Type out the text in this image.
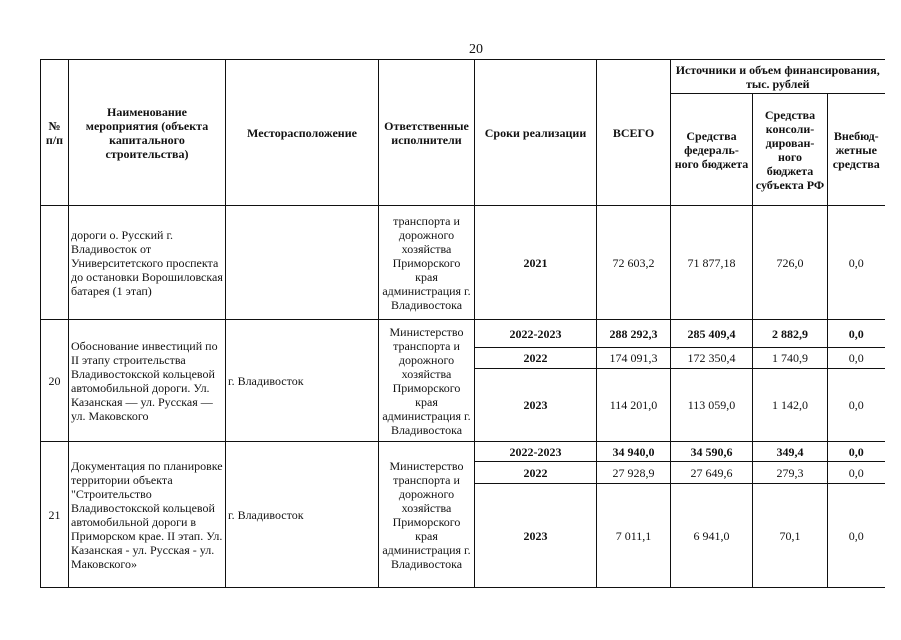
20
№ п/п	Наименование мероприятия (объекта капитального строительства)	Месторасположение	Ответственные исполнители	Сроки реализации	ВСЕГО	Источники и объем финансирования, тыс. рублей		
						Средства федераль-ного бюджета	Средства консоли-дирован-ного бюджета субъекта РФ	Внебюд-жетные средства
	дороги о. Русский г. Владивосток от Университетского проспекта до остановки Ворошиловская батарея (1 этап)		транспорта и дорожного хозяйства Приморского края администрация г. Владивостока	2021	72 603,2	71 877,18	726,0	0,0
20	Обоснование инвестиций по II этапу строительства Владивостокской кольцевой автомобильной дороги. Ул. Казанская — ул. Русская — ул. Маковского	г. Владивосток	Министерство транспорта и дорожного хозяйства Приморского края администрация г. Владивостока	2022-2023	288 292,3	285 409,4	2 882,9	0,0
				2022	174 091,3	172 350,4	1 740,9	0,0
				2023	114 201,0	113 059,0	1 142,0	0,0
21	Документация по планировке территории объекта "Строительство Владивостокской кольцевой автомобильной дороги в Приморском крае. II этап. Ул. Казанская - ул. Русская - ул. Маковского»	г. Владивосток	Министерство транспорта и дорожного хозяйства Приморского края администрация г. Владивостока	2022-2023	34 940,0	34 590,6	349,4	0,0
				2022	27 928,9	27 649,6	279,3	0,0
				2023	7 011,1	6 941,0	70,1	0,0
